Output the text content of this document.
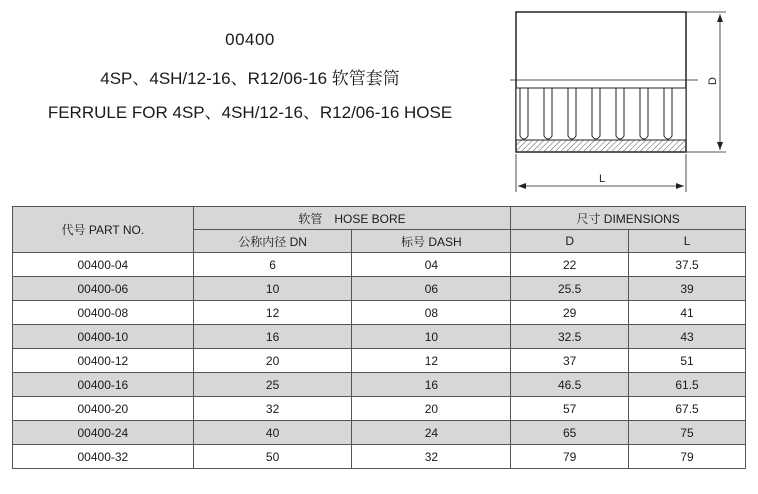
00400
4SP、4SH/12-16、R12/06-16 软管套筒
FERRULE FOR 4SP、4SH/12-16、R12/06-16 HOSE
D
L
代号 PART NO.	软管　HOSE BORE		尺寸 DIMENSIONS	
	公称内径 DN	标号 DASH	D	L
00400-04	6	04	22	37.5
00400-06	10	06	25.5	39
00400-08	12	08	29	41
00400-10	16	10	32.5	43
00400-12	20	12	37	51
00400-16	25	16	46.5	61.5
00400-20	32	20	57	67.5
00400-24	40	24	65	75
00400-32	50	32	79	79
